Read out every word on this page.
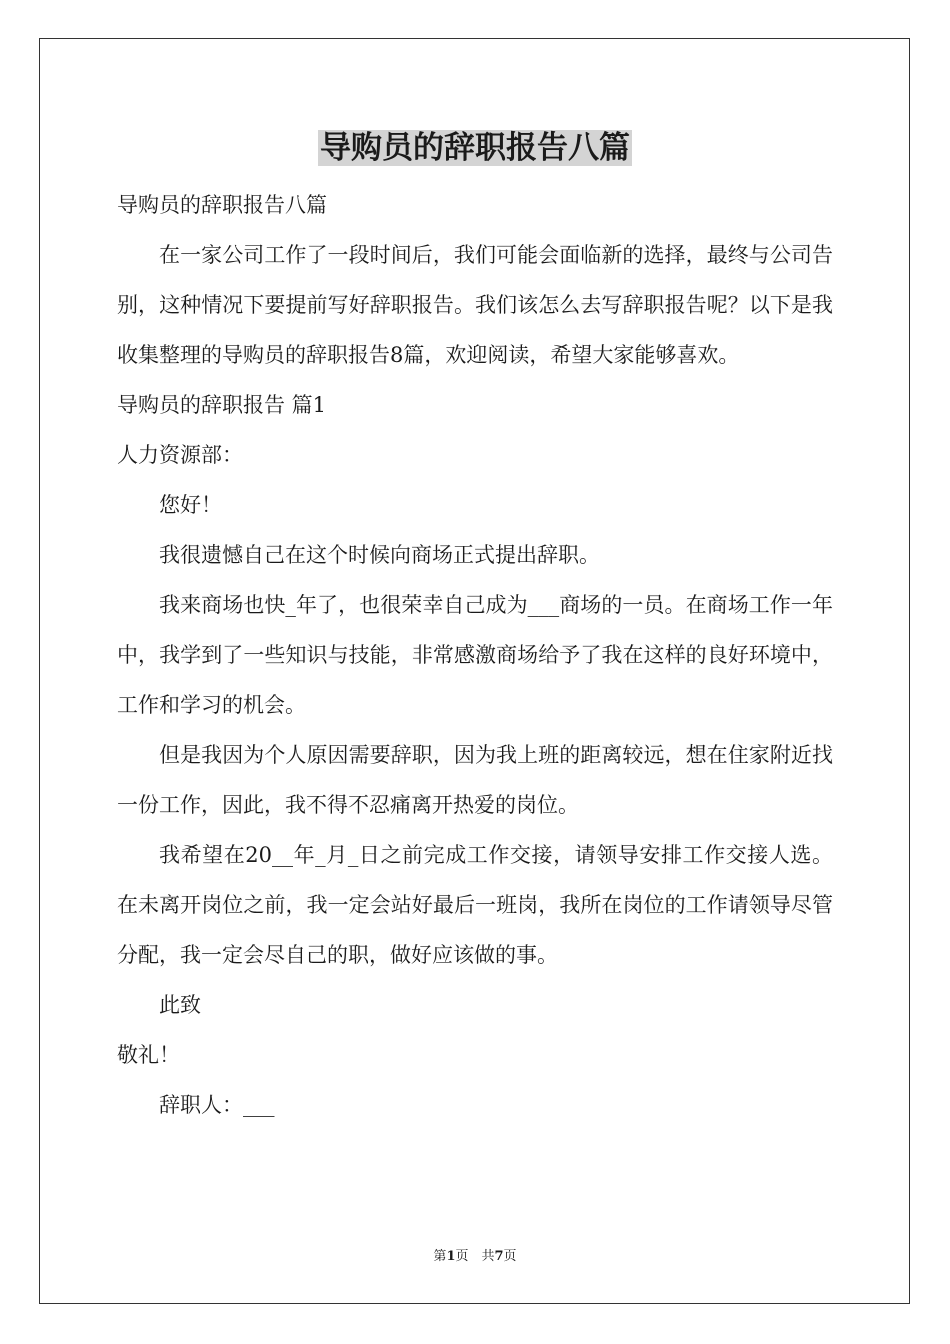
导购员的辞职报告八篇

导购员的辞职报告八篇

在一家公司工作了一段时间后，我们可能会面临新的选择，最终与公司告别，这种情况下要提前写好辞职报告。我们该怎么去写辞职报告呢？以下是我收集整理的导购员的辞职报告8篇，欢迎阅读，希望大家能够喜欢。

导购员的辞职报告 篇1

人力资源部：

您好！

我很遗憾自己在这个时候向商场正式提出辞职。

我来商场也快_年了，也很荣幸自己成为___商场的一员。在商场工作一年中，我学到了一些知识与技能，非常感激商场给予了我在这样的良好环境中，工作和学习的机会。

但是我因为个人原因需要辞职，因为我上班的距离较远，想在住家附近找一份工作，因此，我不得不忍痛离开热爱的岗位。

我希望在20__年_月_日之前完成工作交接，请领导安排工作交接人选。在未离开岗位之前，我一定会站好最后一班岗，我所在岗位的工作请领导尽管分配，我一定会尽自己的职，做好应该做的事。

此致

敬礼！

辞职人：___

第1页　共7页
